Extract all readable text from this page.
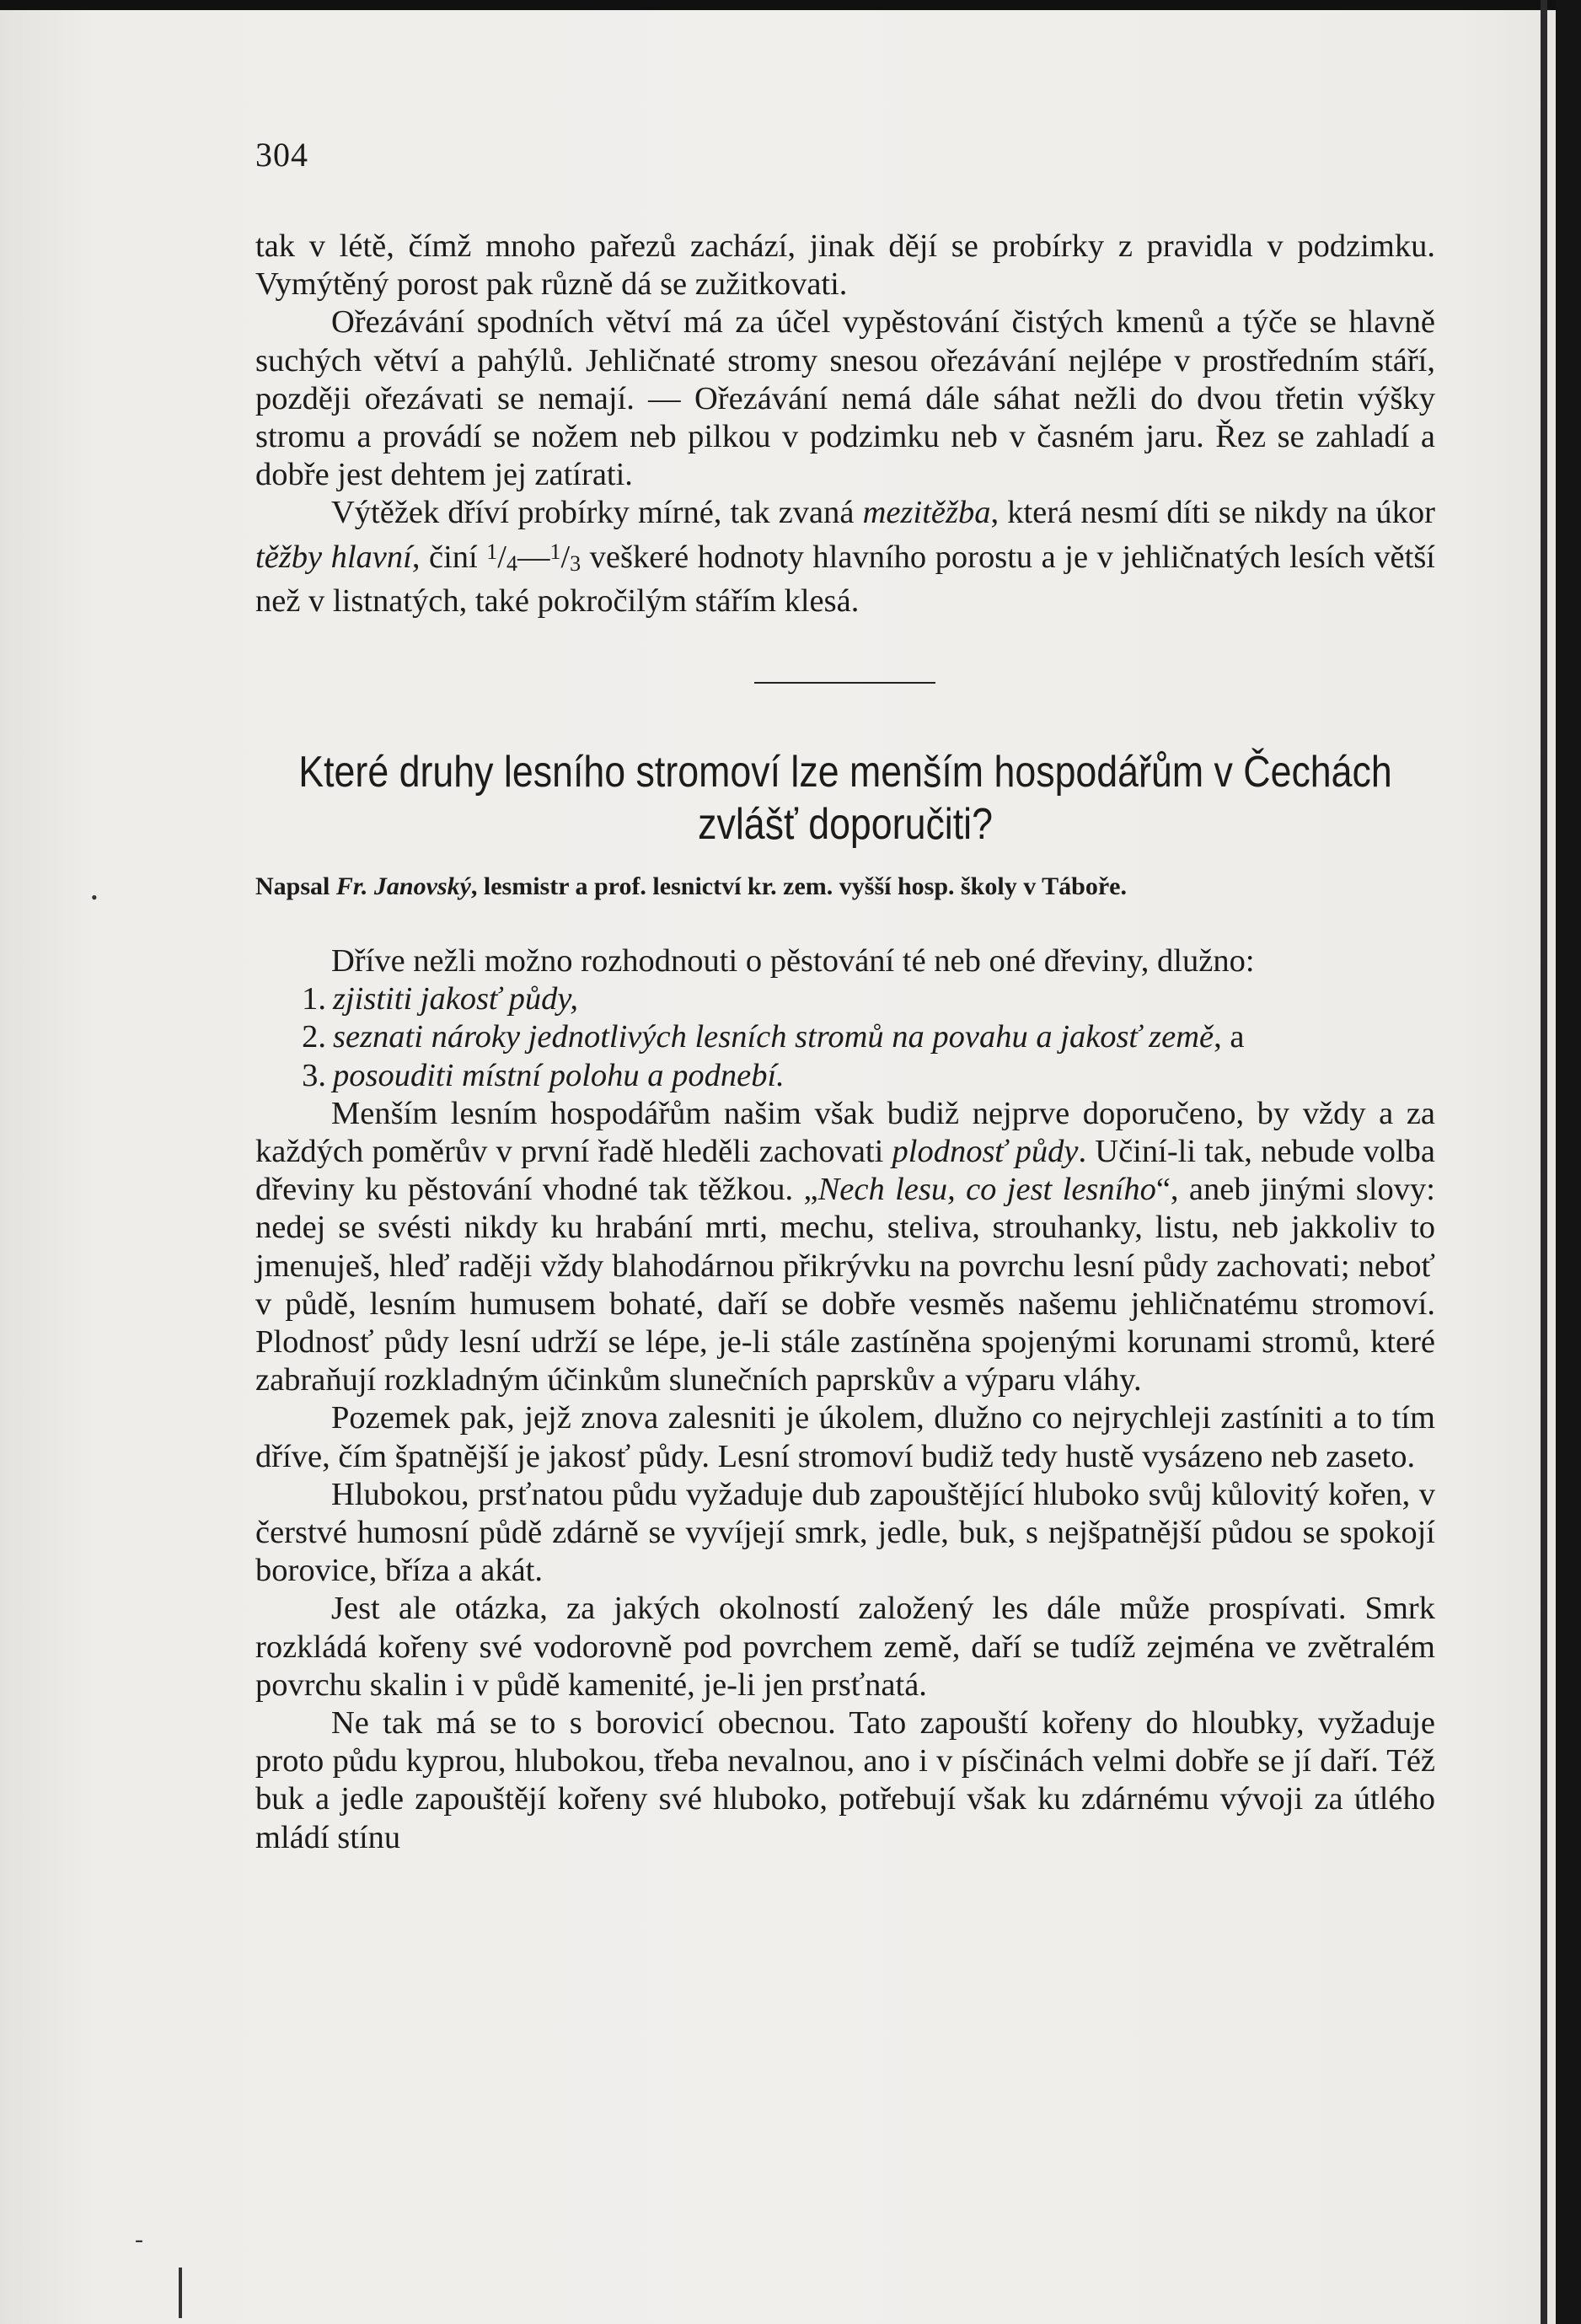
304

tak v létě, čímž mnoho pařezů zachází, jinak dějí se probírky z pravidla v podzimku. Vymýtěný porost pak různě dá se zužitkovati.

Ořezávání spodních větví má za účel vypěstování čistých kmenů a týče se hlavně suchých větví a pahýlů. Jehličnaté stromy snesou ořezávání nejlépe v prostředním stáří, později ořezávati se nemají. — Ořezávání nemá dále sáhat nežli do dvou třetin výšky stromu a provádí se nožem neb pilkou v podzimku neb v časném jaru. Řez se zahladí a dobře jest dehtem jej zatírati.

Výtěžek dříví probírky mírné, tak zvaná mezitěžba, která nesmí díti se nikdy na úkor těžby hlavní, činí $^1$/4—$^1$/3 veškeré hodnoty hlavního porostu a je v jehličnatých lesích větší než v listnatých, také pokročilým stářím klesá.

Které druhy lesního stromoví lze menším hospodářům v Čechách
zvlášť doporučiti?
Napsal Fr. Janovský, lesmistr a prof. lesnictví kr. zem. vyšší hosp. školy v Táboře.

Dříve nežli možno rozhodnouti o pěstování té neb oné dřeviny, dlužno:

1. zjistiti jakosť půdy,

2. seznati nároky jednotlivých lesních stromů na povahu a jakosť země, a

3. posouditi místní polohu a podnebí.

Menším lesním hospodářům našim však budiž nejprve doporučeno, by vždy a za každých poměrův v první řadě hleděli zachovati plodnosť půdy. Učiní-li tak, nebude volba dřeviny ku pěstování vhodné tak těžkou. „Nech lesu, co jest lesního“, aneb jinými slovy: nedej se svésti nikdy ku hrabání mrti, mechu, steliva, strouhanky, listu, neb jakkoliv to jmenuješ, hleď raději vždy blahodárnou přikrývku na povrchu lesní půdy zachovati; neboť v půdě, lesním humusem bohaté, daří se dobře vesměs našemu jehličnatému stromoví. Plodnosť půdy lesní udrží se lépe, je-li stále zastíněna spojenými korunami stromů, které zabraňují rozkladným účinkům slunečních paprskův a výparu vláhy.

Pozemek pak, jejž znova zalesniti je úkolem, dlužno co nejrychleji zastíniti a to tím dříve, čím špatnější je jakosť půdy. Lesní stromoví budiž tedy hustě vysázeno neb zaseto.

Hlubokou, prsťnatou půdu vyžaduje dub zapouštějící hluboko svůj kůlovitý kořen, v čerstvé humosní půdě zdárně se vyvíjejí smrk, jedle, buk, s nejšpatnější půdou se spokojí borovice, bříza a akát.

Jest ale otázka, za jakých okolností založený les dále může prospívati. Smrk rozkládá kořeny své vodorovně pod povrchem země, daří se tudíž zejména ve zvětralém povrchu skalin i v půdě kamenité, je-li jen prsťnatá.

Ne tak má se to s borovicí obecnou. Tato zapouští kořeny do hloubky, vyžaduje proto půdu kyprou, hlubokou, třeba nevalnou, ano i v písčinách velmi dobře se jí daří. Též buk a jedle zapouštějí kořeny své hluboko, potřebují však ku zdárnému vývoji za útlého mládí stínu

•
-
